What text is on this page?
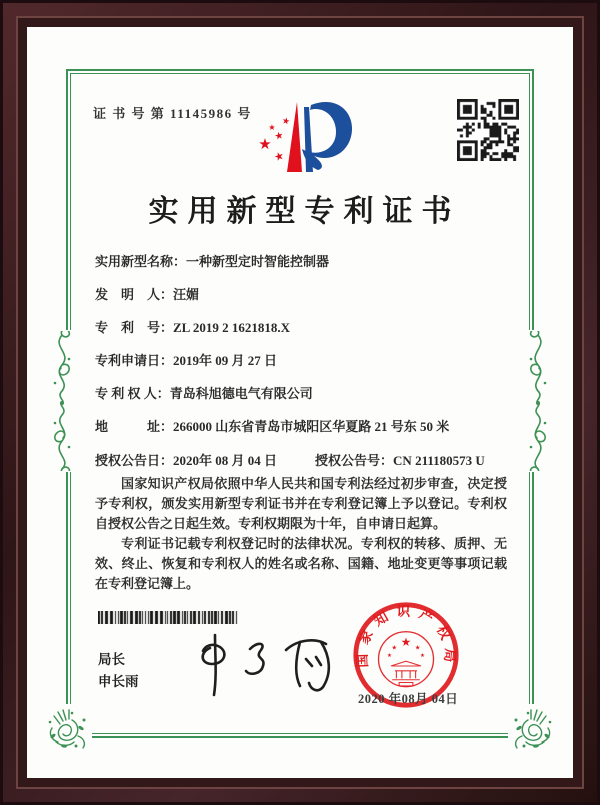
证 书 号 第 11145986 号
★ ★
★ ★
★
实用新型专利证书
实用新型名称：一种新型定时智能控制器
发　明　人：汪媚
专　利　号：ZL 2019 2 1621818.X
专利申请日：2019年 09 月 27 日
专 利 权 人：青岛科旭德电气有限公司
地　　　址：266000 山东省青岛市城阳区华夏路 21 号东 50 米
授权公告日：2020年 08 月 04 日	授权公告号：CN 211180573 U

国家知识产权局依照中华人民共和国专利法经过初步审查，决定授予专利权，颁发实用新型专利证书并在专利登记簿上予以登记。专利权自授权公告之日起生效。专利权期限为十年，自申请日起算。

专利证书记载专利权登记时的法律状况。专利权的转移、质押、无效、终止、恢复和专利权人的姓名或名称、国籍、地址变更等事项记载在专利登记簿上。

局长
申长雨
国家知识产权局
★
★ ★
★	★
2020 年08月 04日
